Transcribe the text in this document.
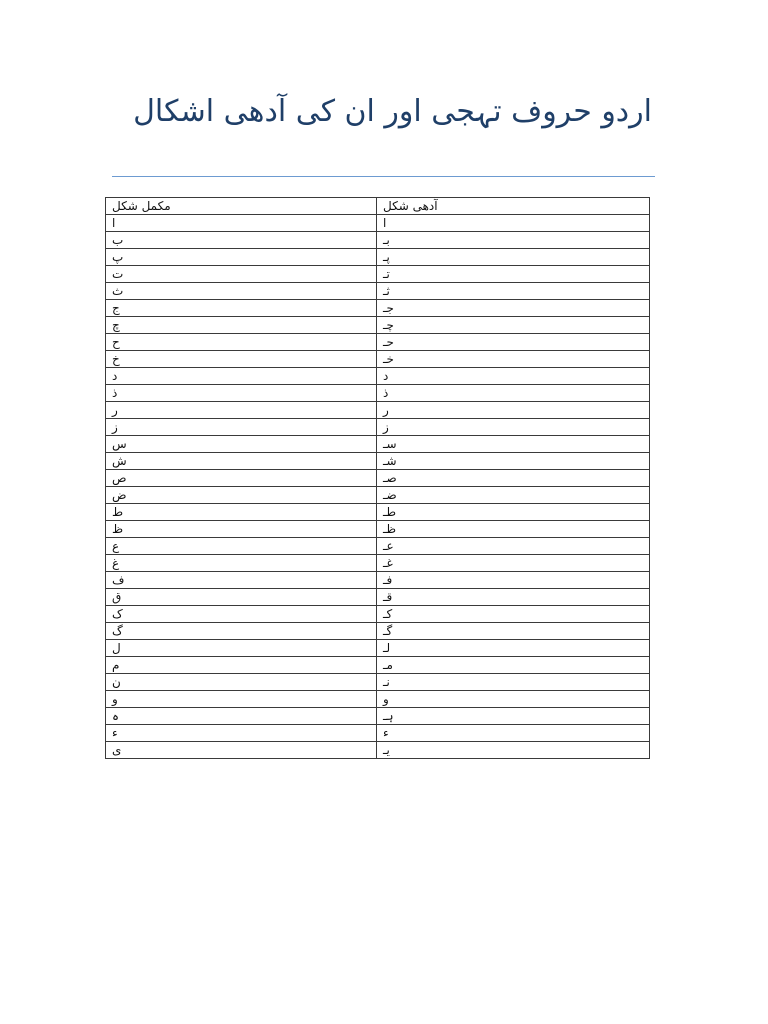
اردو حروف تہجی اور ان کی آدھی اشکال
مکمل شکل	آدھی شکل
ا	ا
ب	بـ
پ	پـ
ت	تـ
ث	ثـ
ج	جـ
چ	چـ
ح	حـ
خ	خـ
د	د
ذ	ذ
ر	ر
ز	ز
س	سـ
ش	شـ
ص	صـ
ض	ضـ
ط	طـ
ظ	ظـ
ع	عـ
غ	غـ
ف	فـ
ق	قـ
ک	کـ
گ	گـ
ل	لـ
م	مـ
ن	نـ
و	و
ہ	ہـ
ء	ء
ی	یـ
